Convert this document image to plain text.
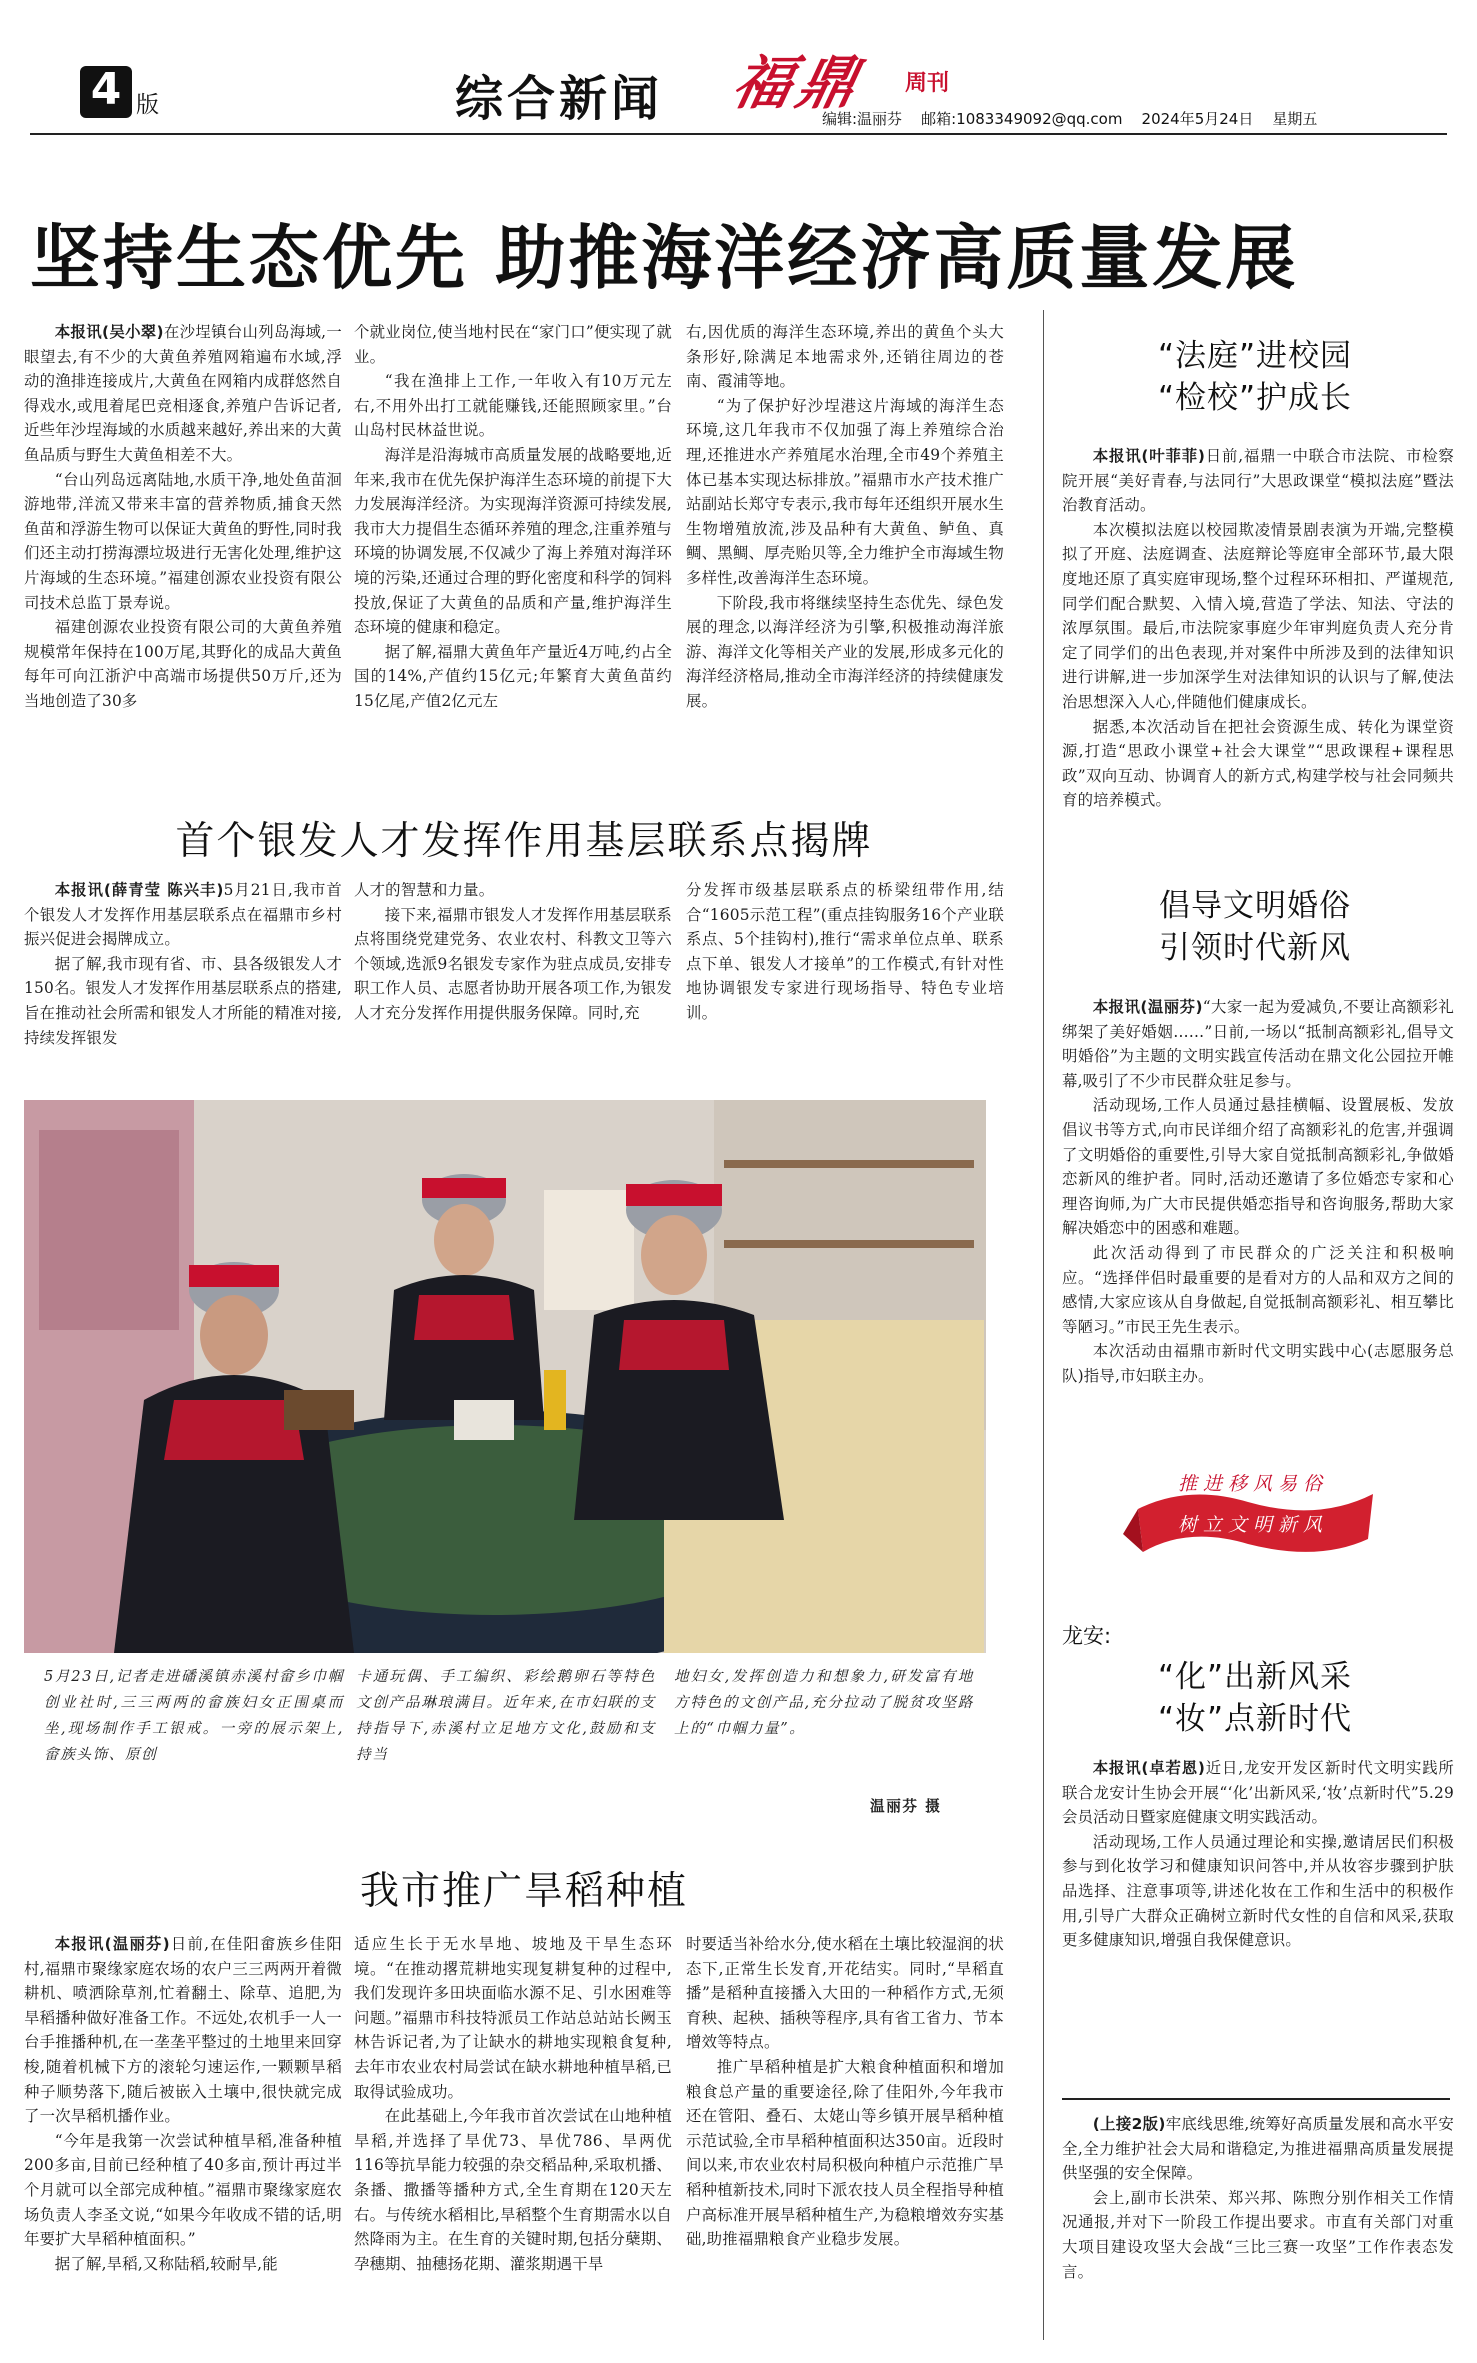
4 版	综合新闻 福鼎 周刊
编辑:温丽芬    邮箱:1083349092@qq.com    2024年5月24日    星期五
坚持生态优先 助推海洋经济高质量发展

本报讯(吴小翠)在沙埕镇台山列岛海域,一眼望去,有不少的大黄鱼养殖网箱遍布水域,浮动的渔排连接成片,大黄鱼在网箱内成群悠然自得戏水,或甩着尾巴竞相逐食,养殖户告诉记者,近些年沙埕海域的水质越来越好,养出来的大黄鱼品质与野生大黄鱼相差不大。

“台山列岛远离陆地,水质干净,地处鱼苗洄游地带,洋流又带来丰富的营养物质,捕食天然鱼苗和浮游生物可以保证大黄鱼的野性,同时我们还主动打捞海漂垃圾进行无害化处理,维护这片海域的生态环境。”福建创源农业投资有限公司技术总监丁景寿说。

福建创源农业投资有限公司的大黄鱼养殖规模常年保持在100万尾,其野化的成品大黄鱼每年可向江浙沪中高端市场提供50万斤,还为当地创造了30多

个就业岗位,使当地村民在“家门口”便实现了就业。

“我在渔排上工作,一年收入有10万元左右,不用外出打工就能赚钱,还能照顾家里。”台山岛村民林益世说。

海洋是沿海城市高质量发展的战略要地,近年来,我市在优先保护海洋生态环境的前提下大力发展海洋经济。为实现海洋资源可持续发展,我市大力提倡生态循环养殖的理念,注重养殖与环境的协调发展,不仅减少了海上养殖对海洋环境的污染,还通过合理的野化密度和科学的饲料投放,保证了大黄鱼的品质和产量,维护海洋生态环境的健康和稳定。

据了解,福鼎大黄鱼年产量近4万吨,约占全国的14%,产值约15亿元;年繁育大黄鱼苗约15亿尾,产值2亿元左

右,因优质的海洋生态环境,养出的黄鱼个头大条形好,除满足本地需求外,还销往周边的苍南、霞浦等地。

“为了保护好沙埕港这片海域的海洋生态环境,这几年我市不仅加强了海上养殖综合治理,还推进水产养殖尾水治理,全市49个养殖主体已基本实现达标排放。”福鼎市水产技术推广站副站长郑守专表示,我市每年还组织开展水生生物增殖放流,涉及品种有大黄鱼、鲈鱼、真鲷、黑鲷、厚壳贻贝等,全力维护全市海域生物多样性,改善海洋生态环境。

下阶段,我市将继续坚持生态优先、绿色发展的理念,以海洋经济为引擎,积极推动海洋旅游、海洋文化等相关产业的发展,形成多元化的海洋经济格局,推动全市海洋经济的持续健康发展。

“法庭”进校园
“检校”护成长

本报讯(叶菲菲)日前,福鼎一中联合市法院、市检察院开展“美好青春,与法同行”大思政课堂“模拟法庭”暨法治教育活动。

本次模拟法庭以校园欺凌情景剧表演为开端,完整模拟了开庭、法庭调查、法庭辩论等庭审全部环节,最大限度地还原了真实庭审现场,整个过程环环相扣、严谨规范,同学们配合默契、入情入境,营造了学法、知法、守法的浓厚氛围。最后,市法院家事庭少年审判庭负责人充分肯定了同学们的出色表现,并对案件中所涉及到的法律知识进行讲解,进一步加深学生对法律知识的认识与了解,使法治思想深入人心,伴随他们健康成长。

据悉,本次活动旨在把社会资源生成、转化为课堂资源,打造“思政小课堂+社会大课堂”“思政课程+课程思政”双向互动、协调育人的新方式,构建学校与社会同频共育的培养模式。

首个银发人才发挥作用基层联系点揭牌

本报讯(薛青莹 陈兴丰)5月21日,我市首个银发人才发挥作用基层联系点在福鼎市乡村振兴促进会揭牌成立。

据了解,我市现有省、市、县各级银发人才150名。银发人才发挥作用基层联系点的搭建,旨在推动社会所需和银发人才所能的精准对接,持续发挥银发

人才的智慧和力量。

接下来,福鼎市银发人才发挥作用基层联系点将围绕党建党务、农业农村、科教文卫等六个领域,选派9名银发专家作为驻点成员,安排专职工作人员、志愿者协助开展各项工作,为银发人才充分发挥作用提供服务保障。同时,充

分发挥市级基层联系点的桥梁纽带作用,结合“1605示范工程”(重点挂钩服务16个产业联系点、5个挂钩村),推行“需求单位点单、联系点下单、银发人才接单”的工作模式,有针对性地协调银发专家进行现场指导、特色专业培训。

5月23日,记者走进磻溪镇赤溪村畲乡巾帼创业社时,三三两两的畲族妇女正围桌而坐,现场制作手工银戒。一旁的展示架上,畲族头饰、原创
卡通玩偶、手工编织、彩绘鹅卵石等特色文创产品琳琅满目。近年来,在市妇联的支持指导下,赤溪村立足地方文化,鼓励和支持当
地妇女,发挥创造力和想象力,研发富有地方特色的文创产品,充分拉动了脱贫攻坚路上的“巾帼力量”。
温丽芬 摄
倡导文明婚俗
引领时代新风

本报讯(温丽芬)“大家一起为爱减负,不要让高额彩礼绑架了美好婚姻……”日前,一场以“抵制高额彩礼,倡导文明婚俗”为主题的文明实践宣传活动在鼎文化公园拉开帷幕,吸引了不少市民群众驻足参与。

活动现场,工作人员通过悬挂横幅、设置展板、发放倡议书等方式,向市民详细介绍了高额彩礼的危害,并强调了文明婚俗的重要性,引导大家自觉抵制高额彩礼,争做婚恋新风的维护者。同时,活动还邀请了多位婚恋专家和心理咨询师,为广大市民提供婚恋指导和咨询服务,帮助大家解决婚恋中的困惑和难题。

此次活动得到了市民群众的广泛关注和积极响应。“选择伴侣时最重要的是看对方的人品和双方之间的感情,大家应该从自身做起,自觉抵制高额彩礼、相互攀比等陋习。”市民王先生表示。

本次活动由福鼎市新时代文明实践中心(志愿服务总队)指导,市妇联主办。

推进移风易俗
树立文明新风
龙安:
“化”出新风采
“妆”点新时代

本报讯(卓若恩)近日,龙安开发区新时代文明实践所联合龙安计生协会开展“‘化’出新风采,‘妆’点新时代”5.29会员活动日暨家庭健康文明实践活动。

活动现场,工作人员通过理论和实操,邀请居民们积极参与到化妆学习和健康知识问答中,并从妆容步骤到护肤品选择、注意事项等,讲述化妆在工作和生活中的积极作用,引导广大群众正确树立新时代女性的自信和风采,获取更多健康知识,增强自我保健意识。

(上接2版)牢底线思维,统筹好高质量发展和高水平安全,全力维护社会大局和谐稳定,为推进福鼎高质量发展提供坚强的安全保障。

会上,副市长洪荣、郑兴邦、陈煦分别作相关工作情况通报,并对下一阶段工作提出要求。市直有关部门对重大项目建设攻坚大会战“三比三赛一攻坚”工作作表态发言。

我市推广旱稻种植

本报讯(温丽芬)日前,在佳阳畲族乡佳阳村,福鼎市聚缘家庭农场的农户三三两两开着微耕机、喷洒除草剂,忙着翻土、除草、追肥,为旱稻播种做好准备工作。不远处,农机手一人一台手推播种机,在一垄垄平整过的土地里来回穿梭,随着机械下方的滚轮匀速运作,一颗颗旱稻种子顺势落下,随后被嵌入土壤中,很快就完成了一次旱稻机播作业。

“今年是我第一次尝试种植旱稻,准备种植200多亩,目前已经种植了40多亩,预计再过半个月就可以全部完成种植。”福鼎市聚缘家庭农场负责人李圣文说,“如果今年收成不错的话,明年要扩大旱稻种植面积。”

据了解,旱稻,又称陆稻,较耐旱,能

适应生长于无水旱地、坡地及干旱生态环境。“在推动撂荒耕地实现复耕复种的过程中,我们发现许多田块面临水源不足、引水困难等问题。”福鼎市科技特派员工作站总站站长阙玉林告诉记者,为了让缺水的耕地实现粮食复种,去年市农业农村局尝试在缺水耕地种植旱稻,已取得试验成功。

在此基础上,今年我市首次尝试在山地种植旱稻,并选择了旱优73、旱优786、旱两优116等抗旱能力较强的杂交稻品种,采取机播、条播、撒播等播种方式,全生育期在120天左右。与传统水稻相比,旱稻整个生育期需水以自然降雨为主。在生育的关键时期,包括分蘖期、孕穗期、抽穗扬花期、灌浆期遇干旱

时要适当补给水分,使水稻在土壤比较湿润的状态下,正常生长发育,开花结实。同时,“旱稻直播”是稻种直接播入大田的一种稻作方式,无须育秧、起秧、插秧等程序,具有省工省力、节本增效等特点。

推广旱稻种植是扩大粮食种植面积和增加粮食总产量的重要途径,除了佳阳外,今年我市还在管阳、叠石、太姥山等乡镇开展旱稻种植示范试验,全市旱稻种植面积达350亩。近段时间以来,市农业农村局积极向种植户示范推广旱稻种植新技术,同时下派农技人员全程指导种植户高标准开展旱稻种植生产,为稳粮增效夯实基础,助推福鼎粮食产业稳步发展。
